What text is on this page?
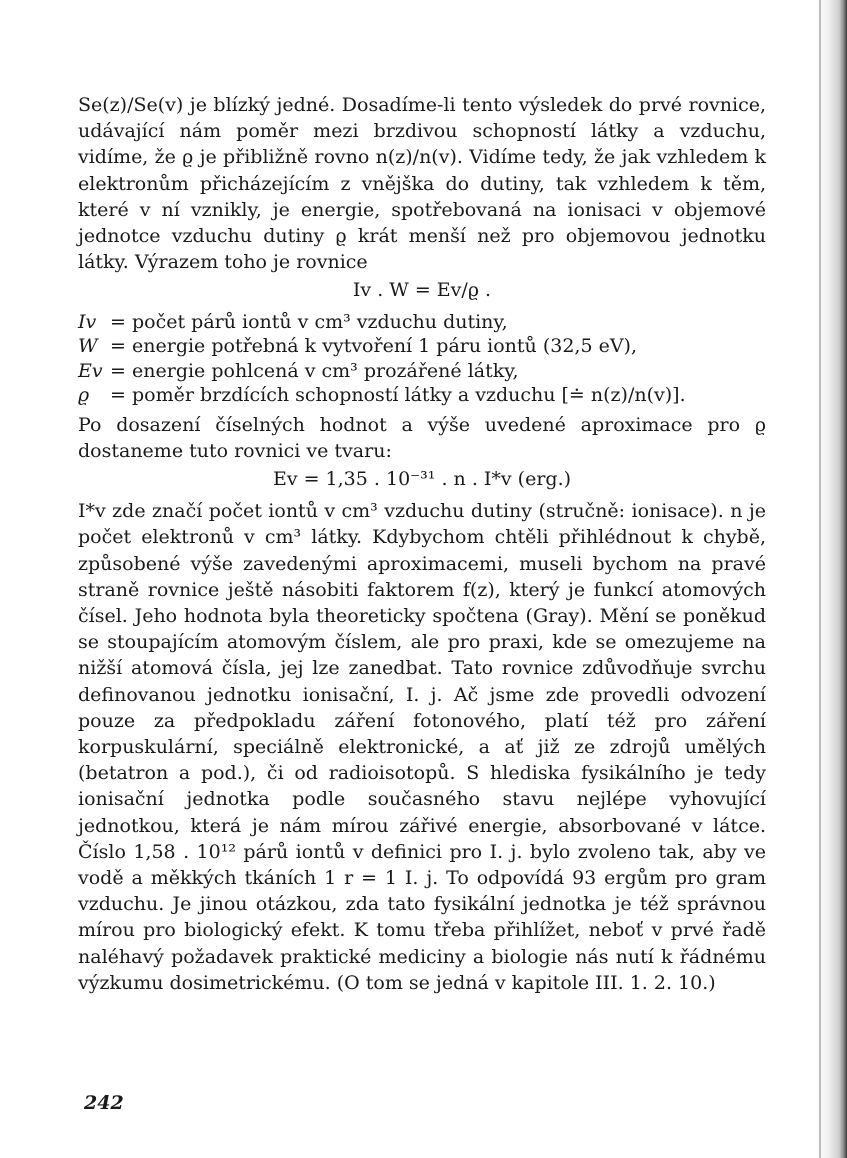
Se(z)/Se(v) je blízký jedné. Dosadíme-li tento výsledek do prvé rovnice, udávající nám poměr mezi brzdivou schopností látky a vzduchu, vidíme, že ϱ je přibližně rovno n(z)/n(v). Vidíme tedy, že jak vzhledem k elektronům přicházejícím z vnějška do dutiny, tak vzhledem k těm, které v ní vznikly, je energie, spotřebovaná na ionisaci v objemové jednotce vzduchu dutiny ϱ krát menší než pro objemovou jednotku látky. Výrazem toho je rovnice

Iv . W = Ev/ϱ .

Iv = počet párů iontů v cm³ vzduchu dutiny,

W = energie potřebná k vytvoření 1 páru iontů (32,5 eV),

Ev = energie pohlcená v cm³ prozářené látky,

ϱ = poměr brzdících schopností látky a vzduchu [≐ n(z)/n(v)].

Po dosazení číselných hodnot a výše uvedené aproximace pro ϱ dostaneme tuto rovnici ve tvaru:

Ev = 1,35 . 10⁻³¹ . n . I*v (erg.)

I*v zde značí počet iontů v cm³ vzduchu dutiny (stručně: ionisace). n je počet elektronů v cm³ látky. Kdybychom chtěli přihlédnout k chybě, způsobené výše zavedenými aproximacemi, museli bychom na pravé straně rovnice ještě násobiti faktorem f(z), který je funkcí atomových čísel. Jeho hodnota byla theoreticky spočtena (Gray). Mění se poněkud se stoupajícím atomovým číslem, ale pro praxi, kde se omezujeme na nižší atomová čísla, jej lze zanedbat. Tato rovnice zdůvodňuje svrchu definovanou jednotku ionisační, I. j. Ač jsme zde provedli odvození pouze za předpokladu záření fotonového, platí též pro záření korpuskulární, speciálně elektronické, a ať již ze zdrojů umělých (betatron a pod.), či od radioisotopů. S hlediska fysikálního je tedy ionisační jednotka podle současného stavu nejlépe vyhovující jednotkou, která je nám mírou zářivé energie, absorbované v látce. Číslo 1,58 . 10¹² párů iontů v definici pro I. j. bylo zvoleno tak, aby ve vodě a měkkých tkáních 1 r = 1 I. j. To odpovídá 93 ergům pro gram vzduchu. Je jinou otázkou, zda tato fysikální jednotka je též správnou mírou pro biologický efekt. K tomu třeba přihlížet, neboť v prvé řadě naléhavý požadavek praktické mediciny a biologie nás nutí k řádnému výzkumu dosimetrickému. (O tom se jedná v kapitole III. 1. 2. 10.)

242
